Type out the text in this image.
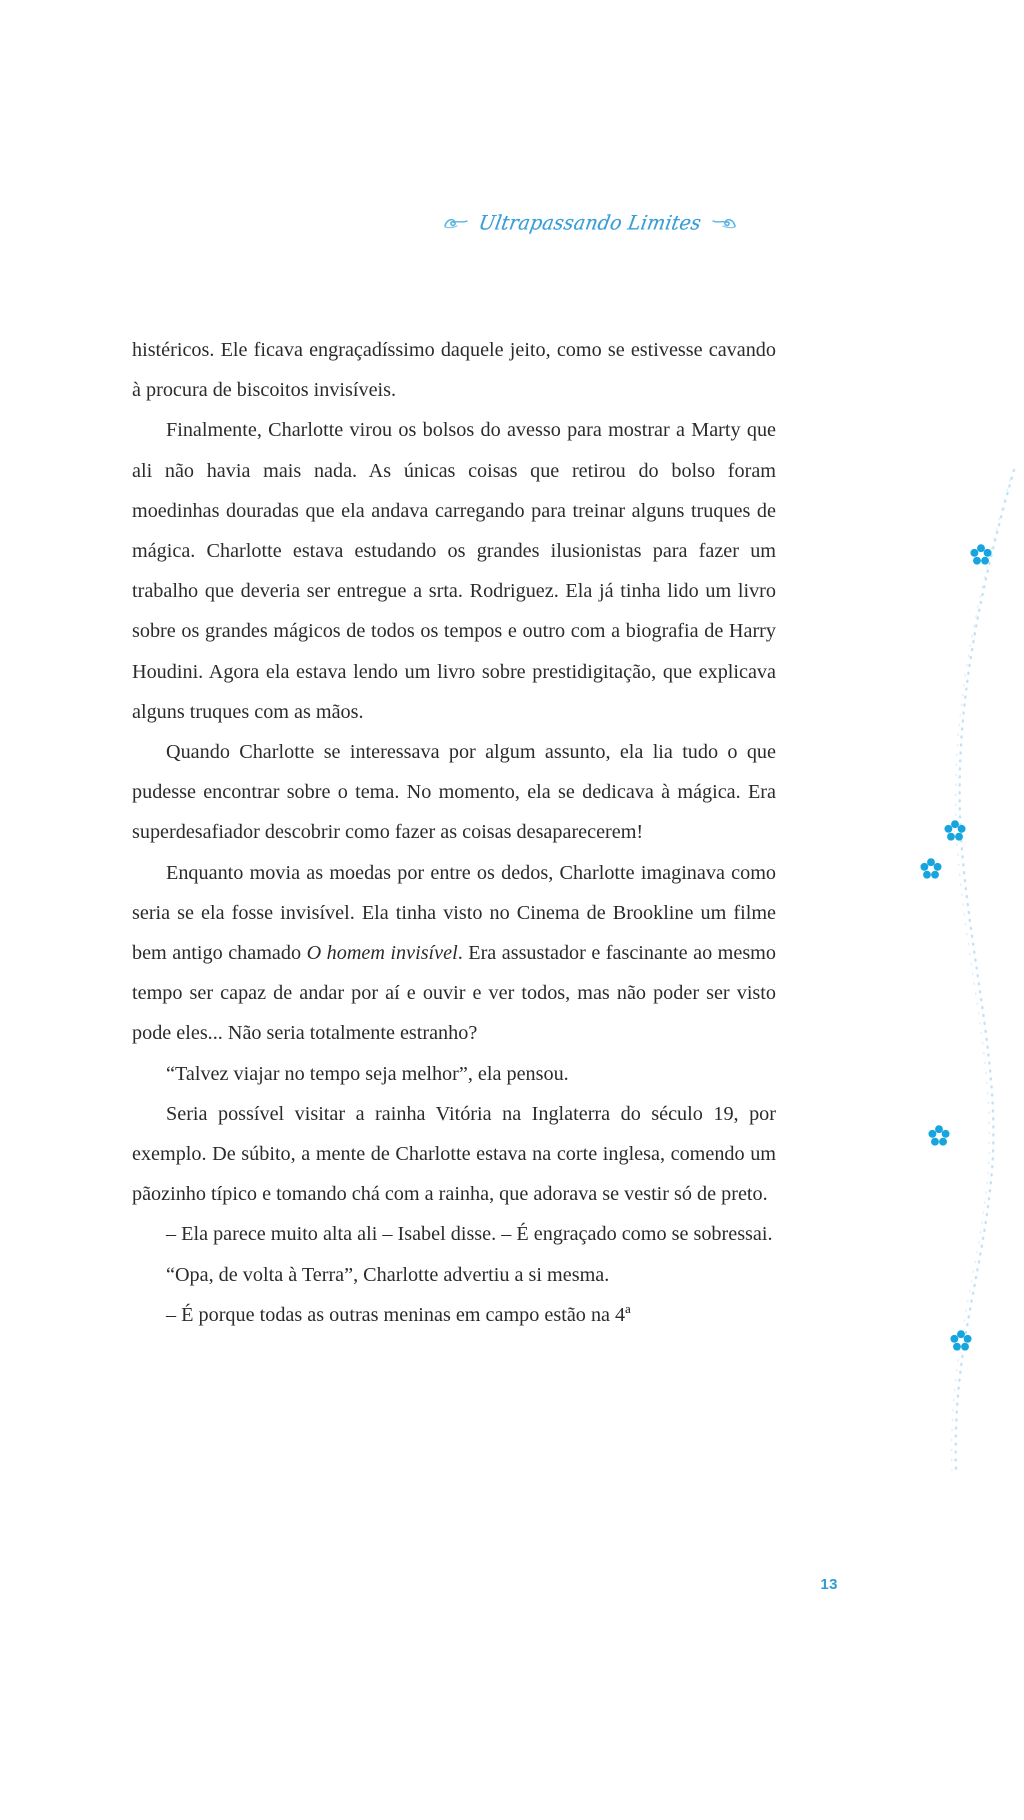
Ultrapassando Limites

histéricos. Ele ficava engraçadíssimo daquele jeito, como se estivesse cavando à procura de biscoitos invisíveis.

Finalmente, Charlotte virou os bolsos do avesso para mostrar a Marty que ali não havia mais nada. As únicas coisas que retirou do bolso foram moedinhas douradas que ela andava carregando para treinar alguns truques de mágica. Charlotte estava estudando os grandes ilusionistas para fazer um trabalho que deveria ser entregue a srta. Rodriguez. Ela já tinha lido um livro sobre os grandes mágicos de todos os tempos e outro com a biografia de Harry Houdini. Agora ela estava lendo um livro sobre prestidigitação, que explicava alguns truques com as mãos.

Quando Charlotte se interessava por algum assunto, ela lia tudo o que pudesse encontrar sobre o tema. No momento, ela se dedicava à mágica. Era superdesafiador descobrir como fazer as coisas desaparecerem!

Enquanto movia as moedas por entre os dedos, Charlotte imaginava como seria se ela fosse invisível. Ela tinha visto no Cinema de Brookline um filme bem antigo chamado O homem invisível. Era assustador e fascinante ao mesmo tempo ser capaz de andar por aí e ouvir e ver todos, mas não poder ser visto pode eles... Não seria totalmente estranho?

“Talvez viajar no tempo seja melhor”, ela pensou.

Seria possível visitar a rainha Vitória na Inglaterra do século 19, por exemplo. De súbito, a mente de Charlotte estava na corte inglesa, comendo um pãozinho típico e tomando chá com a rainha, que adorava se vestir só de preto.

– Ela parece muito alta ali – Isabel disse. – É engraçado como se sobressai.

“Opa, de volta à Terra”, Charlotte advertiu a si mesma.

– É porque todas as outras meninas em campo estão na 4ª

13
